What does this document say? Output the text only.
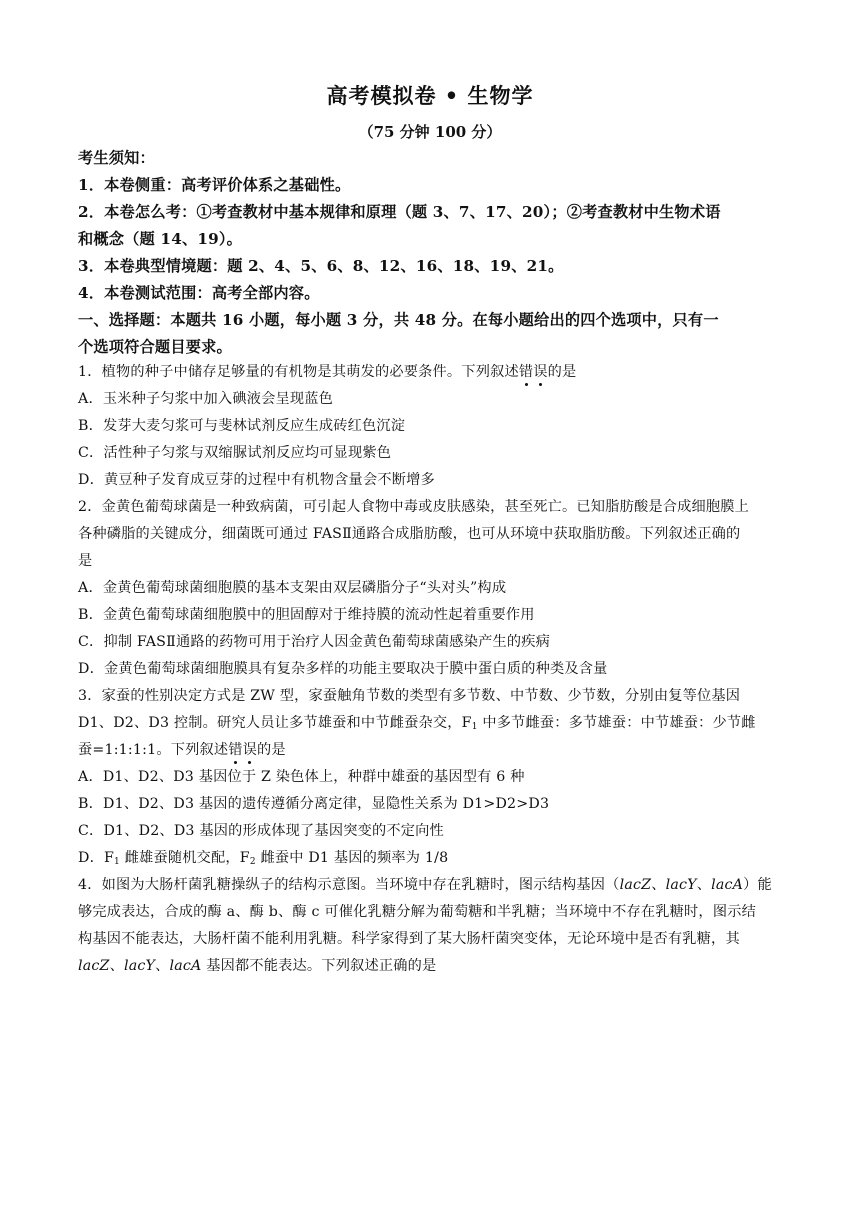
高考模拟卷 • 生物学
（75 分钟 100 分）
考生须知：
1．本卷侧重：高考评价体系之基础性。
2．本卷怎么考：①考查教材中基本规律和原理（题 3、7、17、20）；②考查教材中生物术语
和概念（题 14、19）。
3．本卷典型情境题：题 2、4、5、6、8、12、16、18、19、21。
4．本卷测试范围：高考全部内容。
一、选择题：本题共 16 小题，每小题 3 分，共 48 分。在每小题给出的四个选项中，只有一
个选项符合题目要求。
1．植物的种子中储存足够量的有机物是其萌发的必要条件。下列叙述错误的是
A．玉米种子匀浆中加入碘液会呈现蓝色
B．发芽大麦匀浆可与斐林试剂反应生成砖红色沉淀
C．活性种子匀浆与双缩脲试剂反应均可显现紫色
D．黄豆种子发育成豆芽的过程中有机物含量会不断增多
2．金黄色葡萄球菌是一种致病菌，可引起人食物中毒或皮肤感染，甚至死亡。已知脂肪酸是合成细胞膜上
各种磷脂的关键成分，细菌既可通过 FASⅡ通路合成脂肪酸，也可从环境中获取脂肪酸。下列叙述正确的
是
A．金黄色葡萄球菌细胞膜的基本支架由双层磷脂分子“头对头”构成
B．金黄色葡萄球菌细胞膜中的胆固醇对于维持膜的流动性起着重要作用
C．抑制 FASⅡ通路的药物可用于治疗人因金黄色葡萄球菌感染产生的疾病
D．金黄色葡萄球菌细胞膜具有复杂多样的功能主要取决于膜中蛋白质的种类及含量
3．家蚕的性别决定方式是 ZW 型，家蚕触角节数的类型有多节数、中节数、少节数，分别由复等位基因
D1、D2、D3 控制。研究人员让多节雄蚕和中节雌蚕杂交，$F_1$ 中多节雌蚕：多节雄蚕：中节雄蚕：少节雌
蚕=1:1:1:1。下列叙述错误的是
A．D1、D2、D3 基因位于 Z 染色体上，种群中雄蚕的基因型有 6 种
B．D1、D2、D3 基因的遗传遵循分离定律，显隐性关系为 D1>D2>D3
C．D1、D2、D3 基因的形成体现了基因突变的不定向性
D．$F_1$ 雌雄蚕随机交配，$F_2$ 雌蚕中 D1 基因的频率为 1/8
4．如图为大肠杆菌乳糖操纵子的结构示意图。当环境中存在乳糖时，图示结构基因（lacZ、lacY、lacA）能
够完成表达，合成的酶 a、酶 b、酶 c 可催化乳糖分解为葡萄糖和半乳糖；当环境中不存在乳糖时，图示结
构基因不能表达，大肠杆菌不能利用乳糖。科学家得到了某大肠杆菌突变体，无论环境中是否有乳糖，其
lacZ、lacY、lacA 基因都不能表达。下列叙述正确的是
